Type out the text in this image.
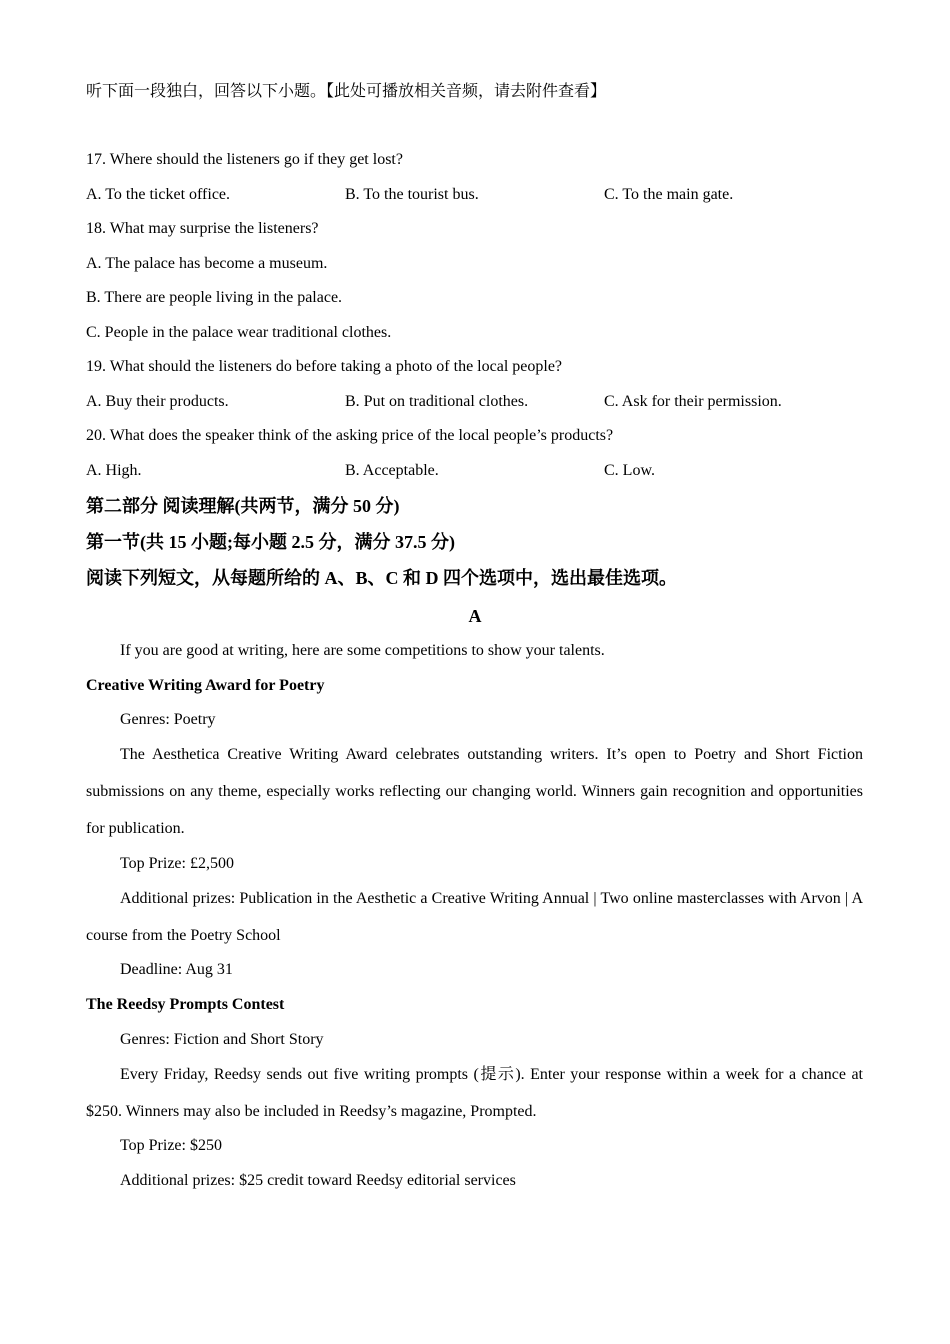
听下面一段独白，回答以下小题。【此处可播放相关音频，请去附件查看】
17. Where should the listeners go if they get lost?
A. To the ticket office.	B. To the tourist bus.	C. To the main gate.
18. What may surprise the listeners?
A. The palace has become a museum.
B. There are people living in the palace.
C. People in the palace wear traditional clothes.
19. What should the listeners do before taking a photo of the local people?
A. Buy their products.	B. Put on traditional clothes.	C. Ask for their permission.
20. What does the speaker think of the asking price of the local people’s products?
A. High.	B. Acceptable.	C. Low.
第二部分 阅读理解(共两节，满分 50 分)
第一节(共 15 小题;每小题 2.5 分，满分 37.5 分)
阅读下列短文，从每题所给的 A、B、C 和 D 四个选项中，选出最佳选项。
A
If you are good at writing, here are some competitions to show your talents.
Creative Writing Award for Poetry
Genres: Poetry
The Aesthetica Creative Writing Award celebrates outstanding writers. It’s open to Poetry and Short Fiction submissions on any theme, especially works reflecting our changing world. Winners gain recognition and opportunities for publication.
Top Prize: £2,500
Additional prizes: Publication in the Aesthetic a Creative Writing Annual | Two online masterclasses with Arvon | A course from the Poetry School
Deadline: Aug 31
The Reedsy Prompts Contest
Genres: Fiction and Short Story
Every Friday, Reedsy sends out five writing prompts (提示). Enter your response within a week for a chance at $250. Winners may also be included in Reedsy’s magazine, Prompted.
Top Prize: $250
Additional prizes: $25 credit toward Reedsy editorial services
